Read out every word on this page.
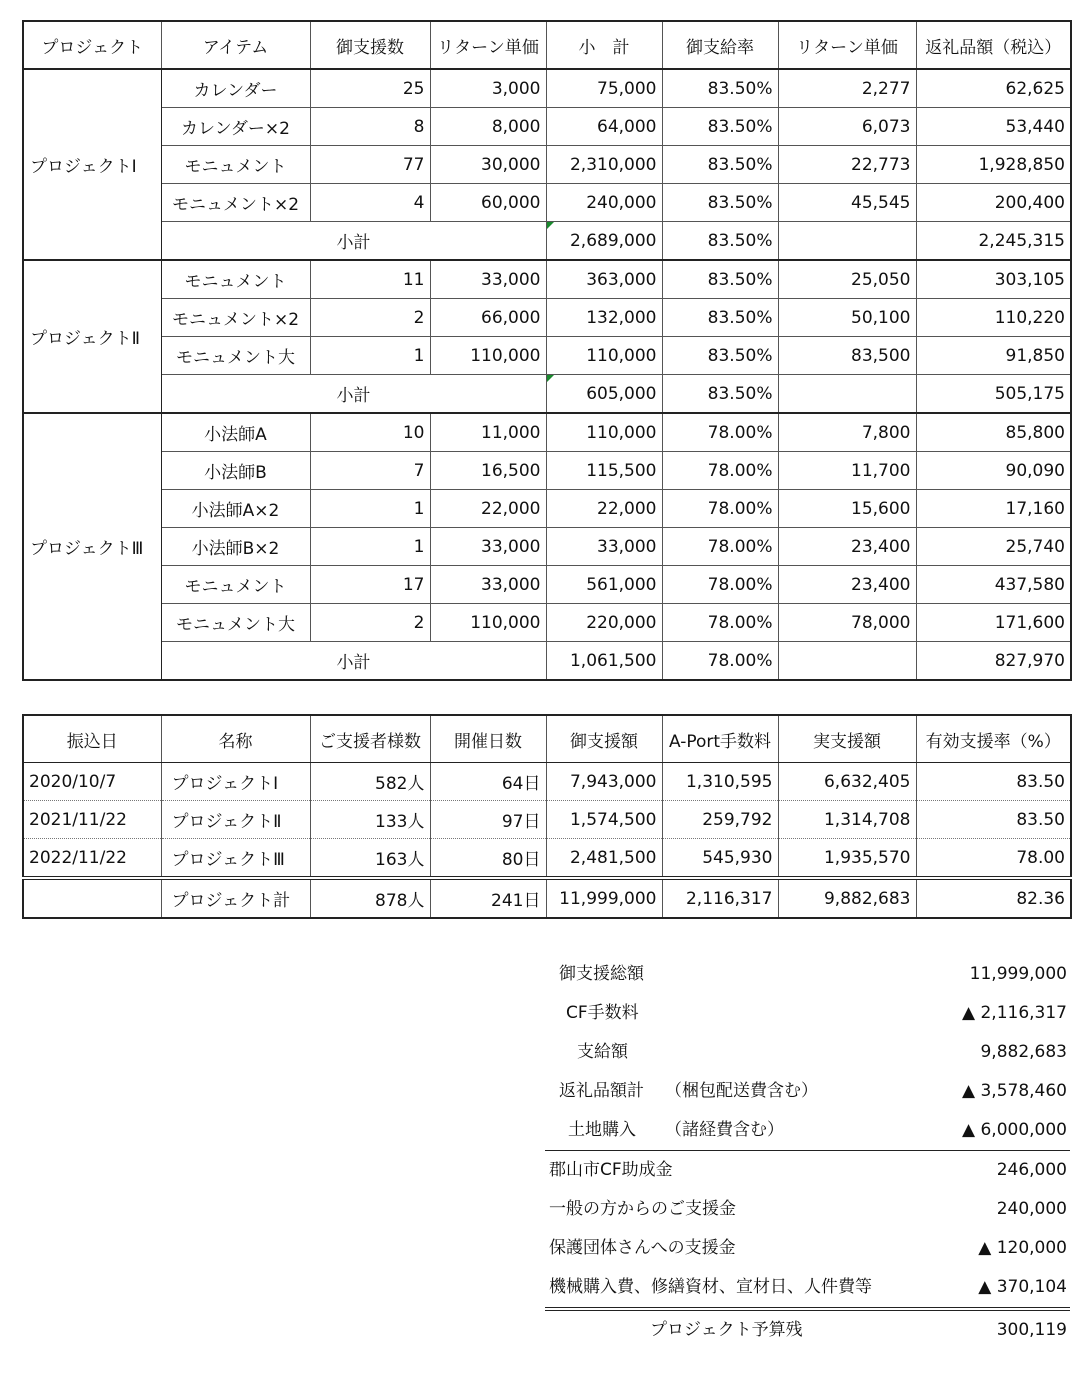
プロジェクト	アイテム	御支援数	リターン単価	小　計	御支給率	リターン単価	返礼品額（税込）
プロジェクトⅠ	カレンダー	25	3,000	75,000	83.50%	2,277	62,625
	カレンダー×2	8	8,000	64,000	83.50%	6,073	53,440
	モニュメント	77	30,000	2,310,000	83.50%	22,773	1,928,850
	モニュメント×2	4	60,000	240,000	83.50%	45,545	200,400
	小計			2,689,000	83.50%		2,245,315
プロジェクトⅡ	モニュメント	11	33,000	363,000	83.50%	25,050	303,105
	モニュメント×2	2	66,000	132,000	83.50%	50,100	110,220
	モニュメント大	1	110,000	110,000	83.50%	83,500	91,850
	小計			605,000	83.50%		505,175
プロジェクトⅢ	小法師A	10	11,000	110,000	78.00%	7,800	85,800
	小法師B	7	16,500	115,500	78.00%	11,700	90,090
	小法師A×2	1	22,000	22,000	78.00%	15,600	17,160
	小法師B×2	1	33,000	33,000	78.00%	23,400	25,740
	モニュメント	17	33,000	561,000	78.00%	23,400	437,580
	モニュメント大	2	110,000	220,000	78.00%	78,000	171,600
	小計			1,061,500	78.00%		827,970
振込日	名称	ご支援者様数	開催日数	御支援額	A-Port手数料	実支援額	有効支援率（%）
2020/10/7	プロジェクトⅠ	582人	64日	7,943,000	1,310,595	6,632,405	83.50
2021/11/22	プロジェクトⅡ	133人	97日	1,574,500	259,792	1,314,708	83.50
2022/11/22	プロジェクトⅢ	163人	80日	2,481,500	545,930	1,935,570	78.00
	プロジェクト計	878人	241日	11,999,000	2,116,317	9,882,683	82.36
御支援総額	11,999,000
CF手数料	▲ 2,116,317
支給額	9,882,683
返礼品額計 （梱包配送費含む）	▲ 3,578,460
土地購入 （諸経費含む）	▲ 6,000,000
郡山市CF助成金	246,000
一般の方からのご支援金	240,000
保護団体さんへの支援金	▲ 120,000
機械購入費、修繕資材、宣材日、人件費等	▲ 370,104
プロジェクト予算残	300,119
